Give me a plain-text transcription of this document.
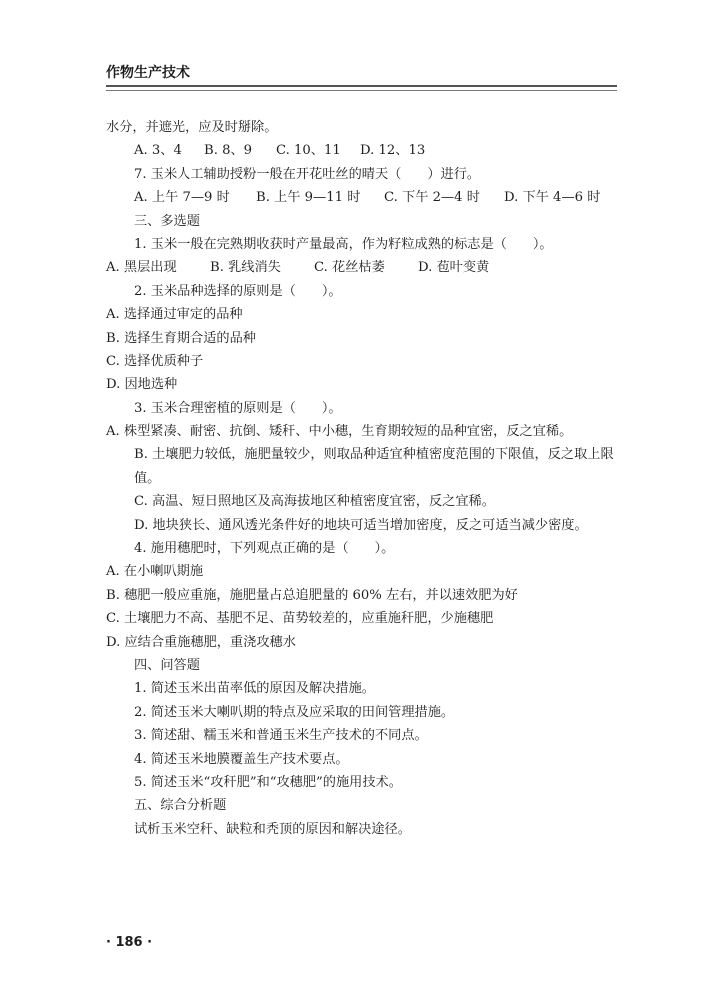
作物生产技术
水分，并遮光，应及时掰除。
A. 3、4 B. 8、9 C. 10、11 D. 12、13
7. 玉米人工辅助授粉一般在开花吐丝的晴天（ ）进行。
A. 上午 7—9 时 B. 上午 9—11 时 C. 下午 2—4 时 D. 下午 4—6 时
三、多选题
1. 玉米一般在完熟期收获时产量最高，作为籽粒成熟的标志是（ ）。
A. 黑层出现	B. 乳线消失	C. 花丝枯萎	D. 苞叶变黄
2. 玉米品种选择的原则是（ ）。
A. 选择通过审定的品种
B. 选择生育期合适的品种
C. 选择优质种子
D. 因地选种
3. 玉米合理密植的原则是（ ）。
A. 株型紧凑、耐密、抗倒、矮秆、中小穗，生育期较短的品种宜密，反之宜稀。
B. 土壤肥力较低，施肥量较少，则取品种适宜种植密度范围的下限值，反之取上限值。
C. 高温、短日照地区及高海拔地区种植密度宜密，反之宜稀。
D. 地块狭长、通风透光条件好的地块可适当增加密度，反之可适当减少密度。
4. 施用穗肥时，下列观点正确的是（ ）。
A. 在小喇叭期施
B. 穗肥一般应重施，施肥量占总追肥量的 60% 左右，并以速效肥为好
C. 土壤肥力不高、基肥不足、苗势较差的，应重施秆肥，少施穗肥
D. 应结合重施穗肥，重浇攻穗水
四、问答题
1. 简述玉米出苗率低的原因及解决措施。
2. 简述玉米大喇叭期的特点及应采取的田间管理措施。
3. 简述甜、糯玉米和普通玉米生产技术的不同点。
4. 简述玉米地膜覆盖生产技术要点。
5. 简述玉米“攻秆肥”和“攻穗肥”的施用技术。
五、综合分析题
试析玉米空秆、缺粒和秃顶的原因和解决途径。
· 186 ·
